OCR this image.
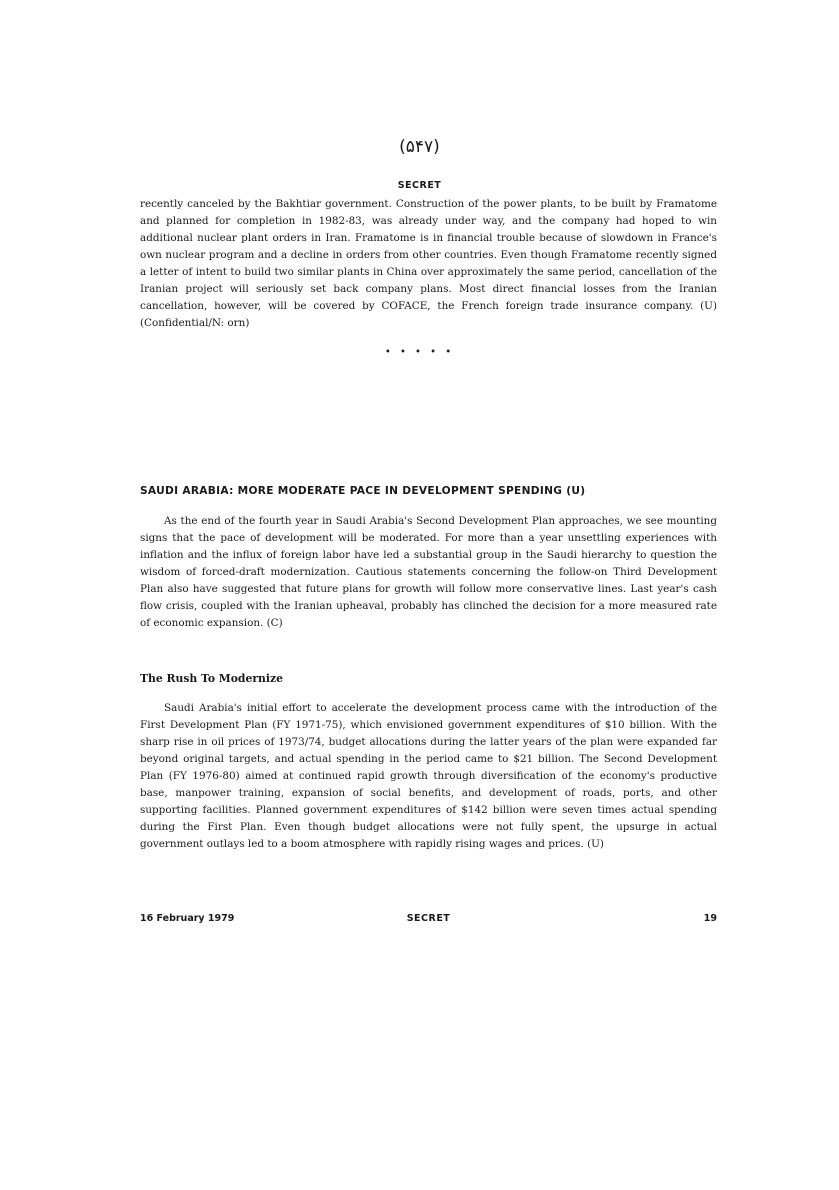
(۵۴۷)
SECRET

recently canceled by the Bakhtiar government. Construction of the power plants, to be built by Framatome and planned for completion in 1982-83, was already under way, and the company had hoped to win additional nuclear plant orders in Iran. Framatome is in financial trouble because of slowdown in France's own nuclear program and a decline in orders from other countries. Even though Framatome recently signed a letter of intent to build two similar plants in China over approximately the same period, cancellation of the Iranian project will seriously set back company plans. Most direct financial losses from the Iranian cancellation, however, will be covered by COFACE, the French foreign trade insurance company. (U) (Confidential/N: orn)

• • • • •
SAUDI ARABIA: MORE MODERATE PACE IN DEVELOPMENT SPENDING (U)

As the end of the fourth year in Saudi Arabia's Second Development Plan approaches, we see mounting signs that the pace of development will be moderated. For more than a year unsettling experiences with inflation and the influx of foreign labor have led a substantial group in the Saudi hierarchy to question the wisdom of forced-draft modernization. Cautious statements concerning the follow-on Third Development Plan also have suggested that future plans for growth will follow more conservative lines. Last year's cash flow crisis, coupled with the Iranian upheaval, probably has clinched the decision for a more measured rate of economic expansion. (C)

The Rush To Modernize

Saudi Arabia's initial effort to accelerate the development process came with the introduction of the First Development Plan (FY 1971-75), which envisioned government expenditures of $10 billion. With the sharp rise in oil prices of 1973/74, budget allocations during the latter years of the plan were expanded far beyond original targets, and actual spending in the period came to $21 billion. The Second Development Plan (FY 1976-80) aimed at continued rapid growth through diversification of the economy's productive base, manpower training, expansion of social benefits, and development of roads, ports, and other supporting facilities. Planned government expenditures of $142 billion were seven times actual spending during the First Plan. Even though budget allocations were not fully spent, the upsurge in actual government outlays led to a boom atmosphere with rapidly rising wages and prices. (U)

16 February 1979	SECRET	19
